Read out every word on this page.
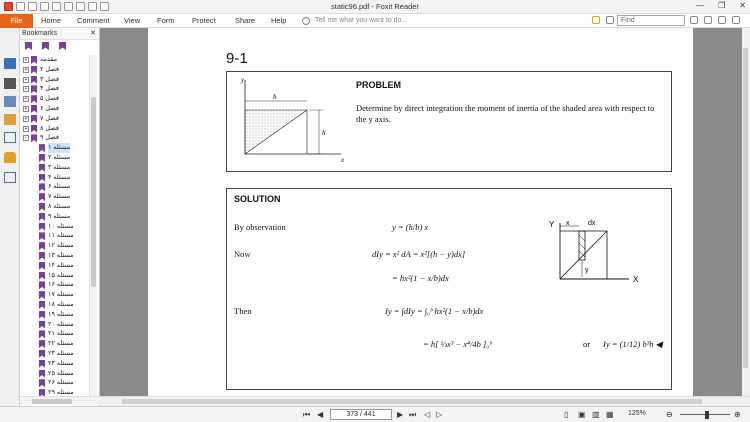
static96.pdf - Foxit Reader	— ❐ ✕
File	Home Comment View Form Protect	Share Help	Tell me what you want to do...	Find
Bookmarks	✕
+ مقدمه
+ فصل ۲
+ فصل ۳
+ فصل ۴
+ فصل ۵
+ فصل ۶
+ فصل ۷
+ فصل ۸
− فصل ۹
مسئله ۱
مسئله ۲
مسئله ۳
مسئله ۴
مسئله ۶
مسئله ۷
مسئله ۸
مسئله ۹
مسئله ۱۰
مسئله ۱۱
مسئله ۱۲
مسئله ۱۳
مسئله ۱۴
مسئله ۱۵
مسئله ۱۶
مسئله ۱۷
مسئله ۱۸
مسئله ۱۹
مسئله ۲۰
مسئله ۲۱
مسئله ۲۲
مسئله ۲۳
مسئله ۲۴
مسئله ۲۵
مسئله ۲۶
مسئله ۲۹
9-1
y
b
h
x
PROBLEM
Determine by direct integration the moment of inertia of the shaded area with respect to the y axis.
SOLUTION
By observation
Now
Then
y = (h/b) x
dIy = x² dA = x²[(h − y)dx]
= hx²(1 − x/b)dx
Iy = ∫dIy = ∫₀ᵇ hx²(1 − x/b)dx
= h[ ⅓x³ − x⁴/4b ]₀ᵇ	or Iy = (1/12) b³h ◀
Y x	dx
X
y
⏮ ◀	373 / 441	▶ ⏭ ◁ ▷	▯ ▣ ▥ ▦ 125%	⊖	⊕
